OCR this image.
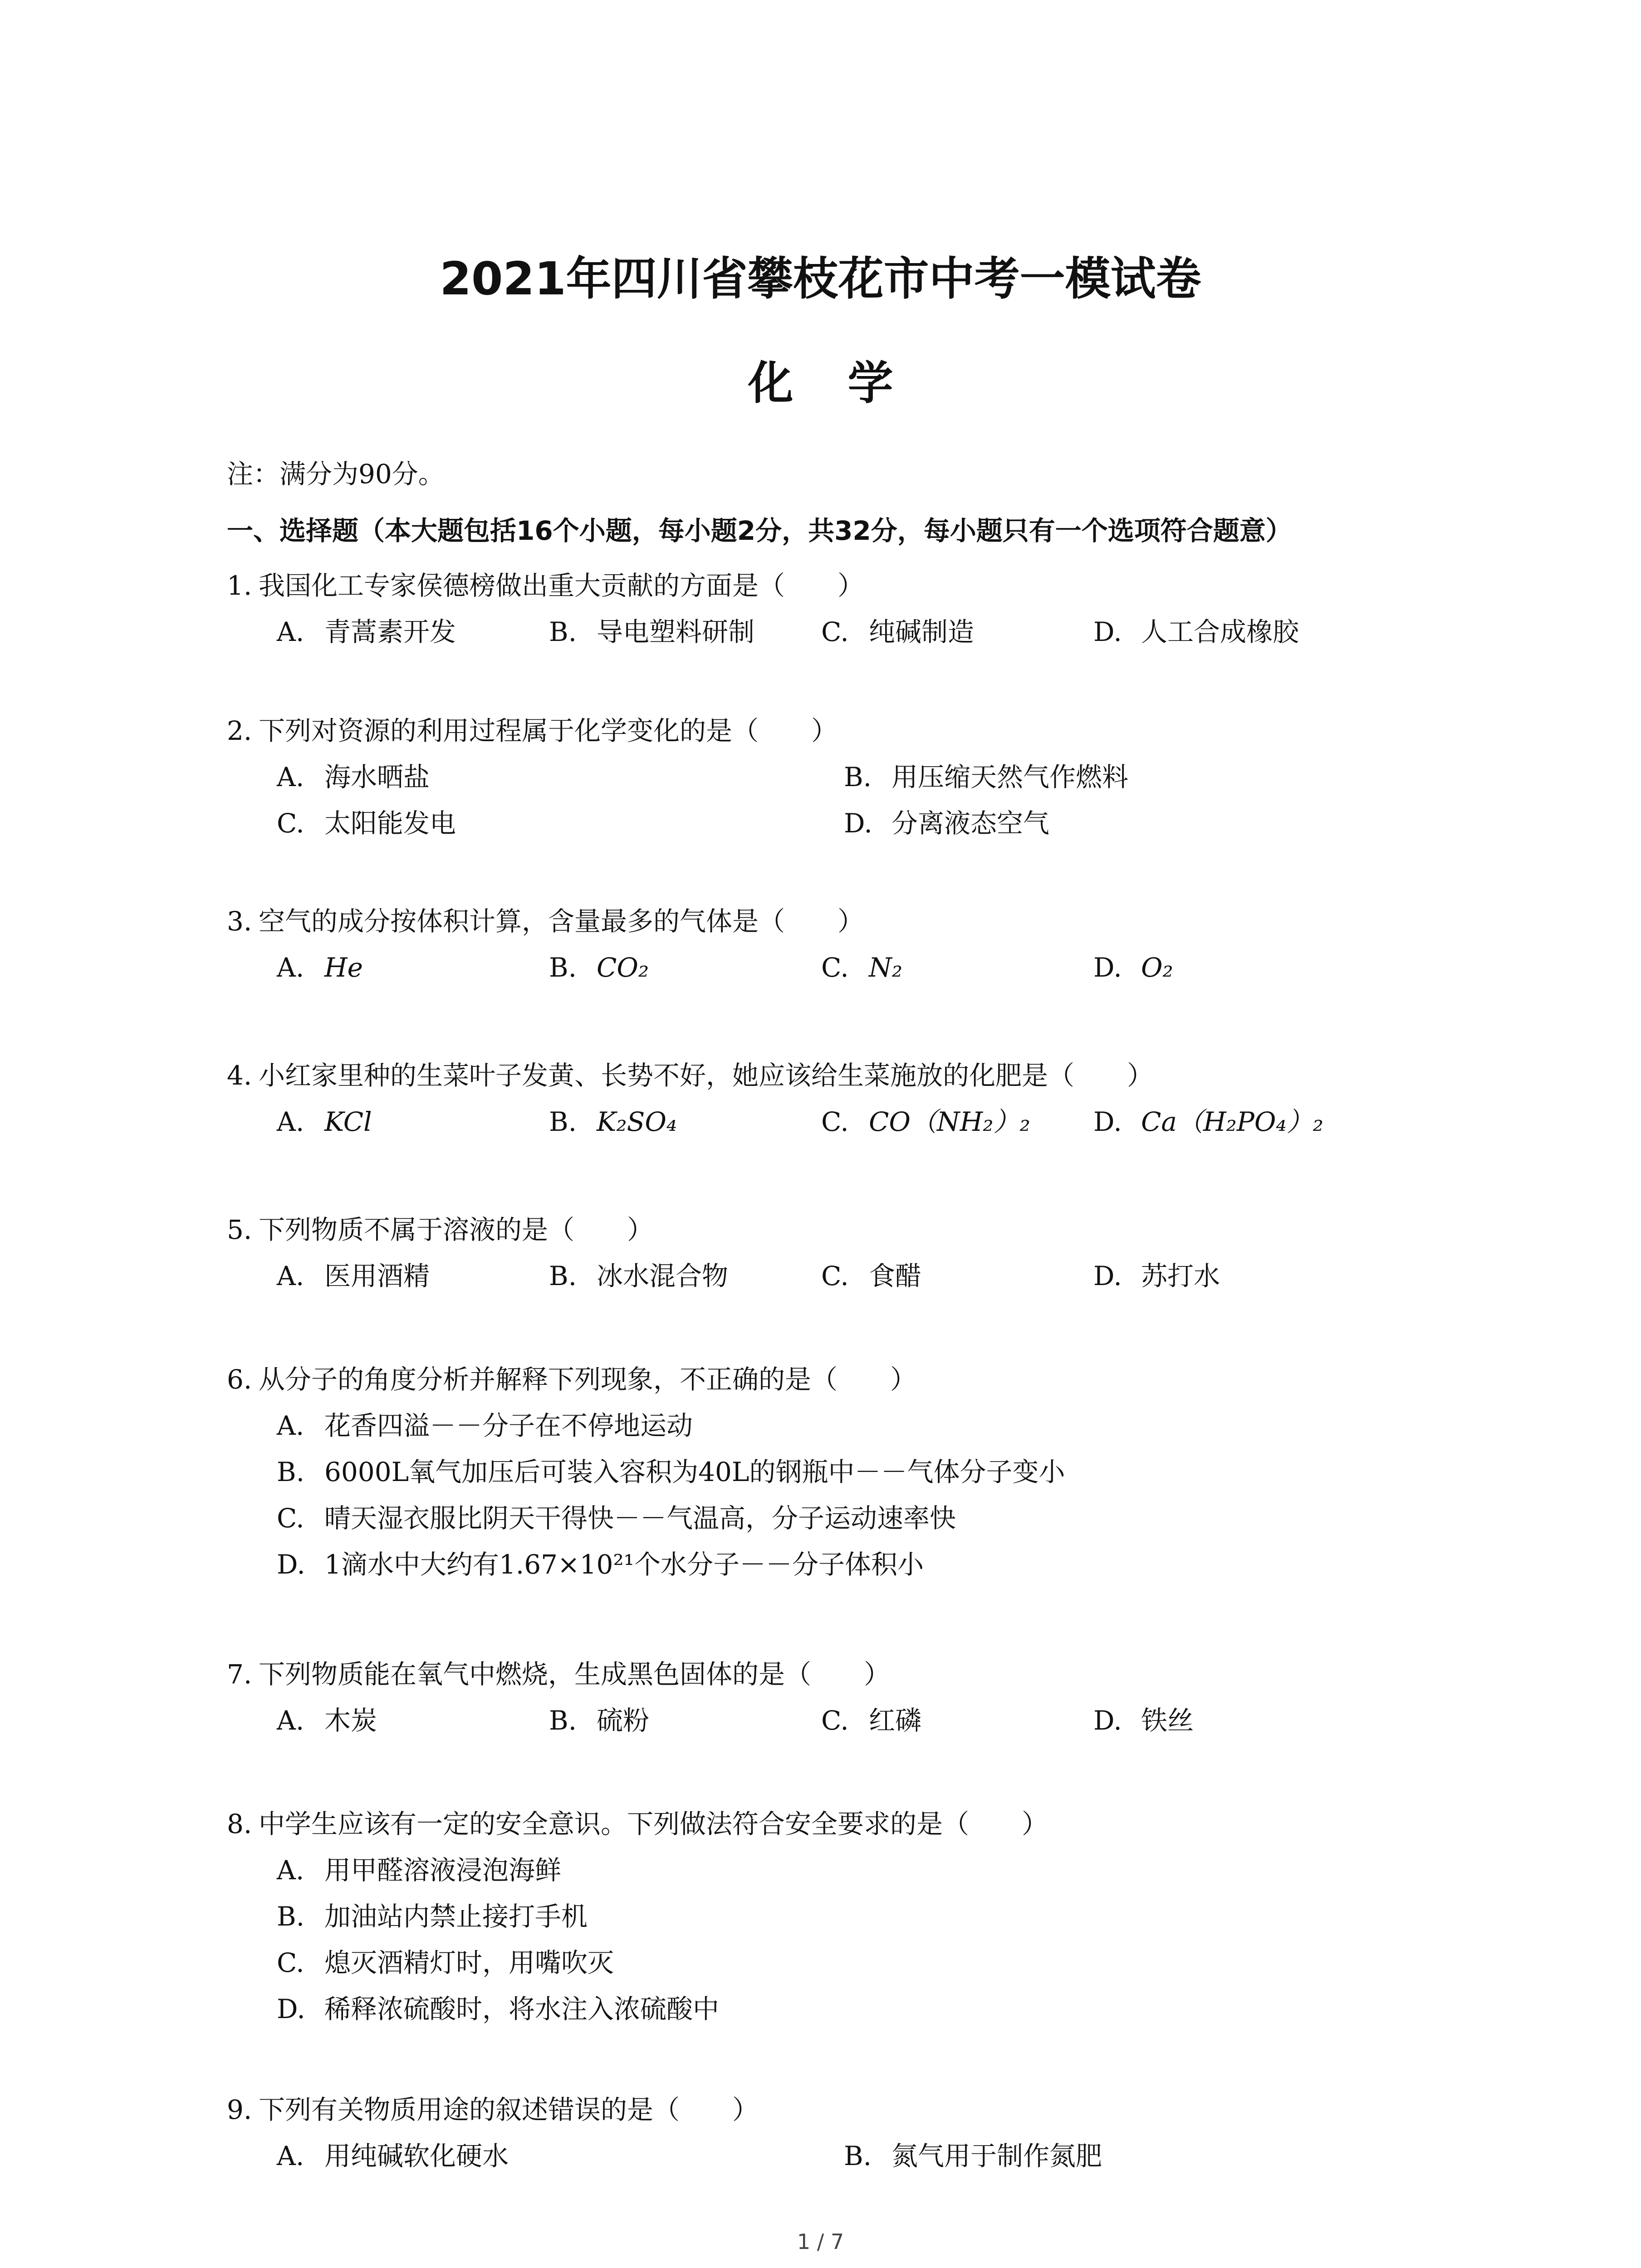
2021年四川省攀枝花市中考一模试卷
化学
注：满分为90分。
一、选择题（本大题包括16个小题，每小题2分，共32分，每小题只有一个选项符合题意）
1. 我国化工专家侯德榜做出重大贡献的方面是（　　）
A. 青蒿素开发	B. 导电塑料研制	C. 纯碱制造	D. 人工合成橡胶
2. 下列对资源的利用过程属于化学变化的是（　　）
A. 海水晒盐	B. 用压缩天然气作燃料
C. 太阳能发电	D. 分离液态空气
3. 空气的成分按体积计算，含量最多的气体是（　　）
A. He	B. CO₂	C. N₂	D. O₂
4. 小红家里种的生菜叶子发黄、长势不好，她应该给生菜施放的化肥是（　　）
A. KCl	B. K₂SO₄	C. CO（NH₂）₂ D. Ca（H₂PO₄）₂
5. 下列物质不属于溶液的是（　　）
A. 医用酒精	B. 冰水混合物	C. 食醋	D. 苏打水
6. 从分子的角度分析并解释下列现象，不正确的是（　　）
A. 花香四溢－－分子在不停地运动
B. 6000L氧气加压后可装入容积为40L的钢瓶中－－气体分子变小
C. 晴天湿衣服比阴天干得快－－气温高，分子运动速率快
D. 1滴水中大约有1.67×10²¹个水分子－－分子体积小
7. 下列物质能在氧气中燃烧，生成黑色固体的是（　　）
A. 木炭	B. 硫粉	C. 红磷	D. 铁丝
8. 中学生应该有一定的安全意识。下列做法符合安全要求的是（　　）
A. 用甲醛溶液浸泡海鲜
B. 加油站内禁止接打手机
C. 熄灭酒精灯时，用嘴吹灭
D. 稀释浓硫酸时，将水注入浓硫酸中
9. 下列有关物质用途的叙述错误的是（　　）
A. 用纯碱软化硬水	B. 氮气用于制作氮肥
1 / 7
